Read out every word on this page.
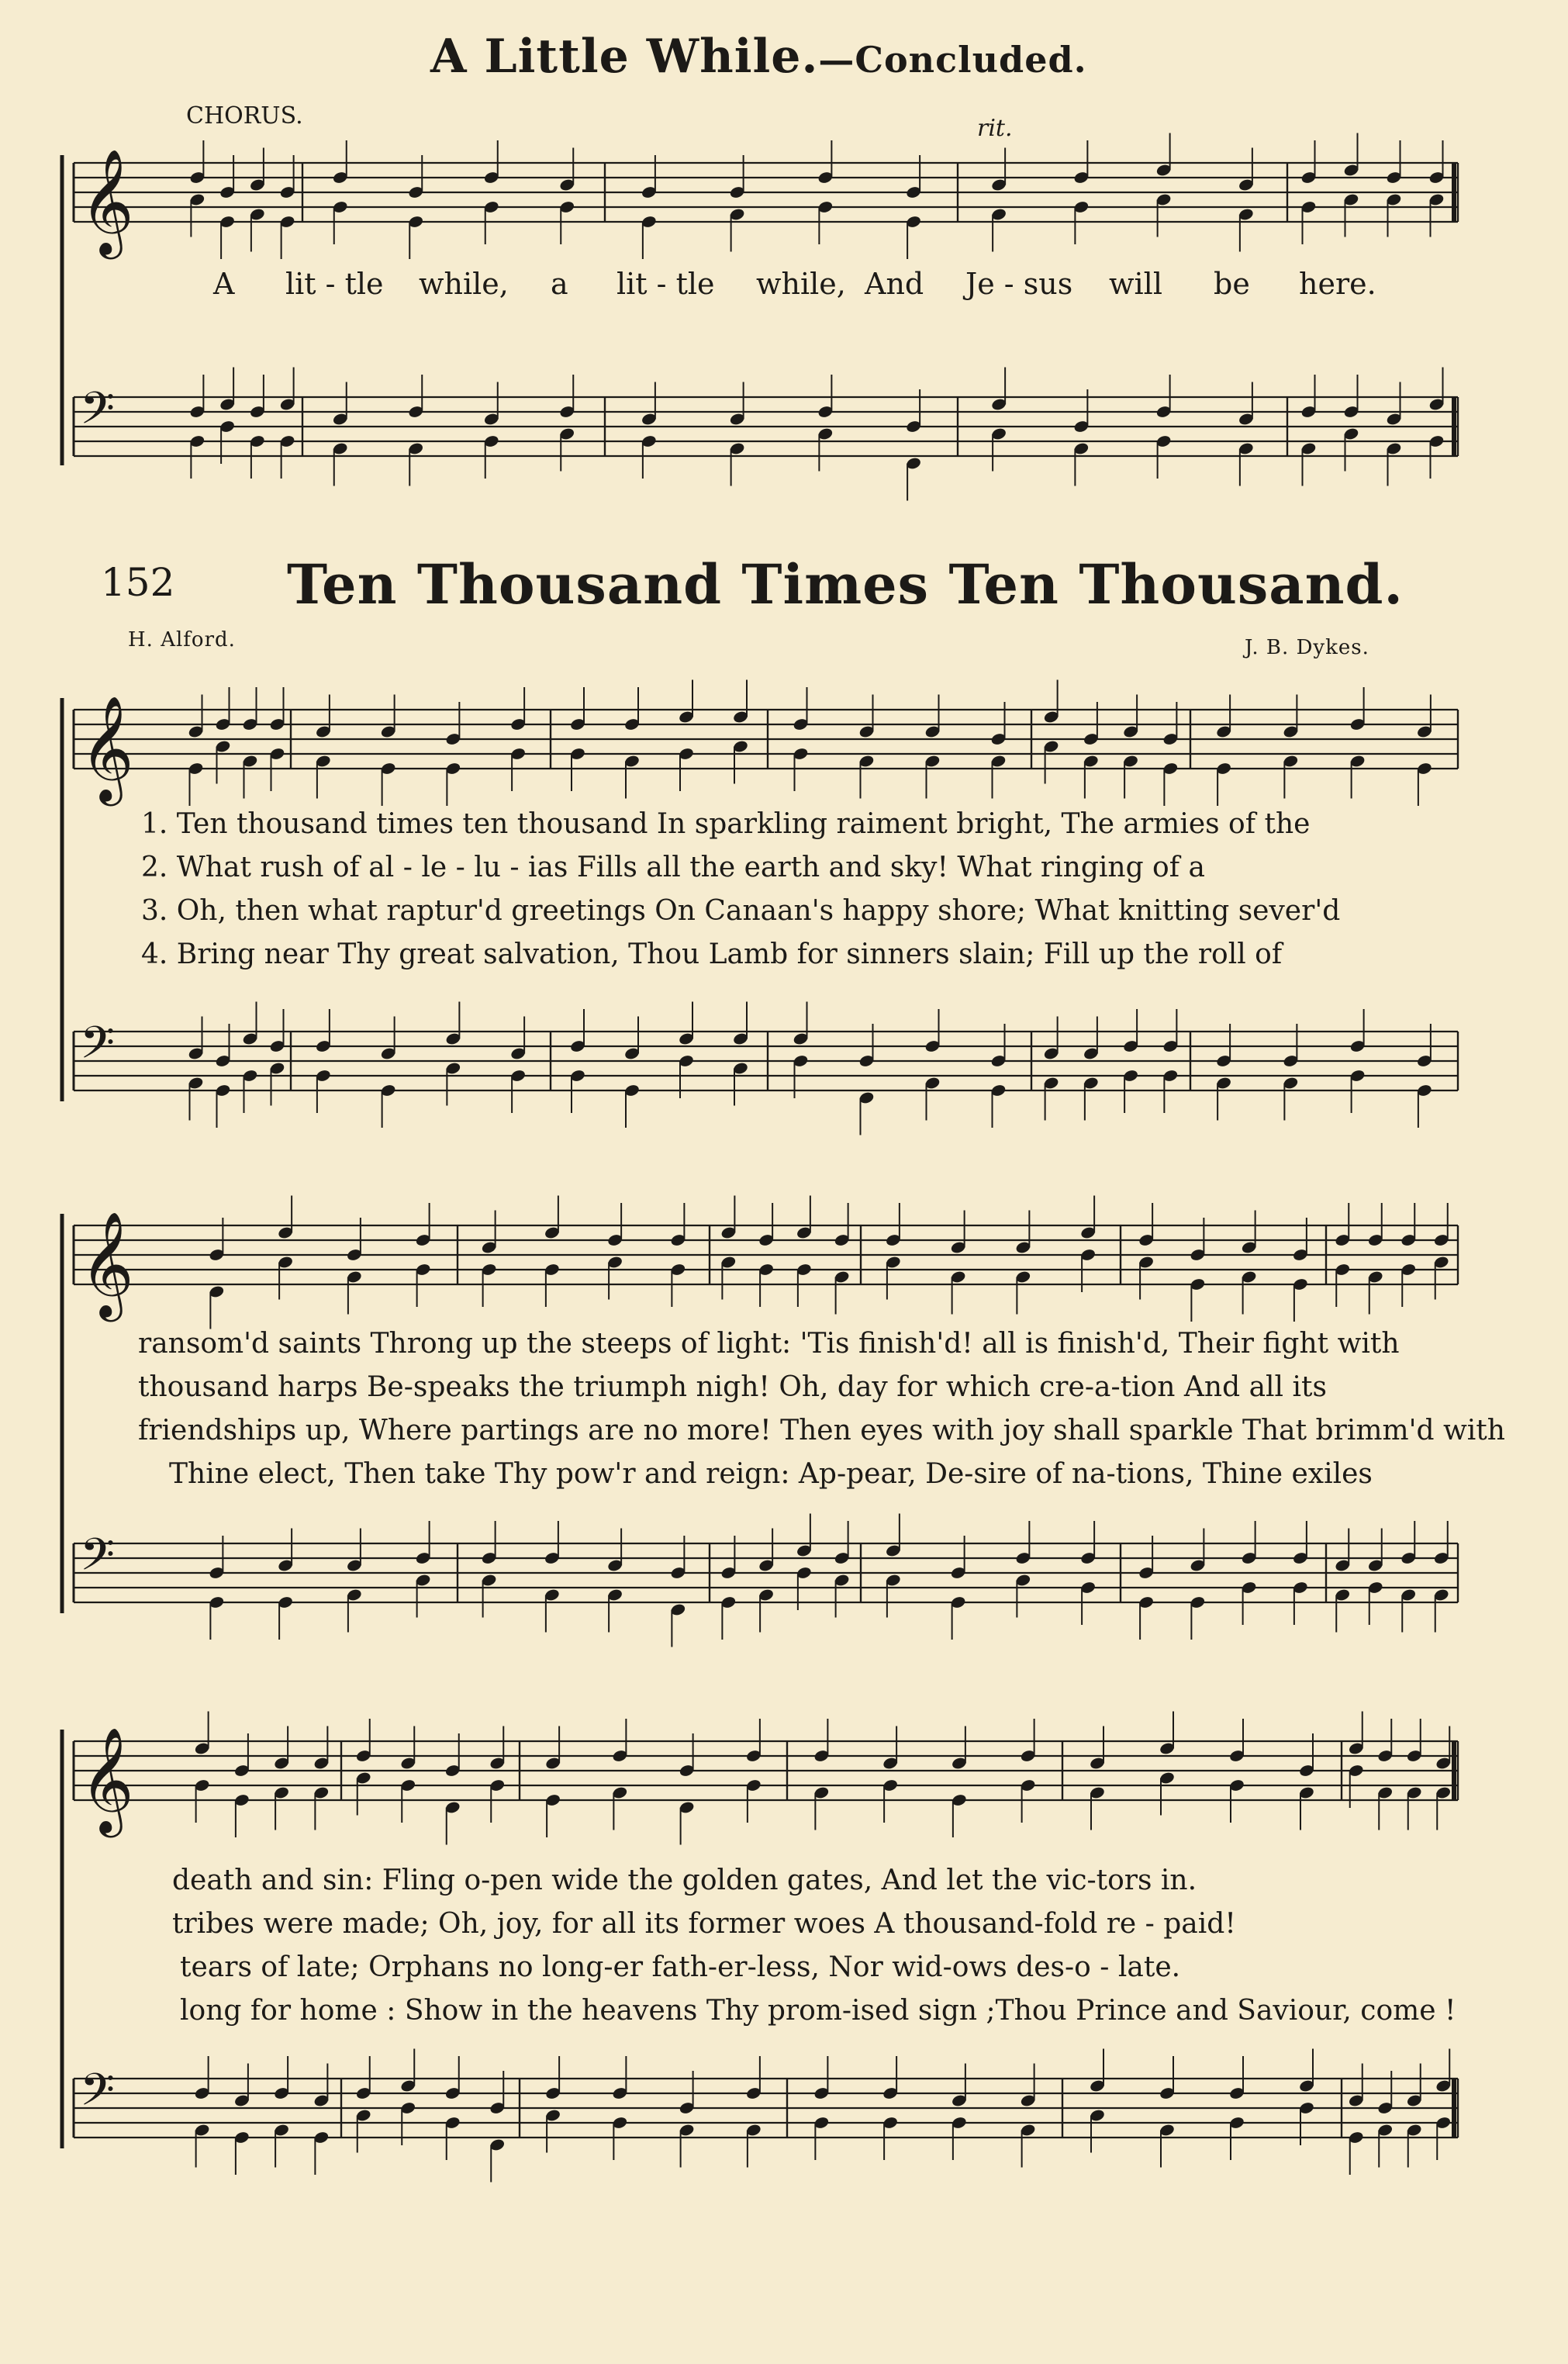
A Little While.—Concluded.
CHORUS.	rit.
A lit - tle while, a lit - tle while, And Je - sus will be here.
152 Ten Thousand Times Ten Thousand.
H. Alford.	J. B. Dykes.
1. Ten thousand times ten thousand In sparkling raiment bright, The armies of the
2. What rush of al - le - lu - ias Fills all the earth and sky! What ringing of a
3. Oh, then what raptur'd greetings On Canaan's happy shore; What knitting sever'd
4. Bring near Thy great salvation, Thou Lamb for sinners slain; Fill up the roll of
ransom'd saints Throng up the steeps of light: 'Tis finish'd! all is finish'd, Their fight with
thousand harps Be-speaks the triumph nigh! Oh, day for which cre-a-tion And all its
friendships up, Where partings are no more! Then eyes with joy shall sparkle That brimm'd with
Thine elect, Then take Thy pow'r and reign: Ap-pear, De-sire of na-tions, Thine exiles
death and sin: Fling o-pen wide the golden gates, And let the vic-tors in.
tribes were made; Oh, joy, for all its former woes A thousand-fold re - paid!
tears of late; Orphans no long-er fath-er-less, Nor wid-ows des-o - late.
long for home : Show in the heavens Thy prom-ised sign ;Thou Prince and Saviour, come !
𝄞
𝄢
𝄞
𝄢
𝄞
𝄢
𝄞
𝄢
